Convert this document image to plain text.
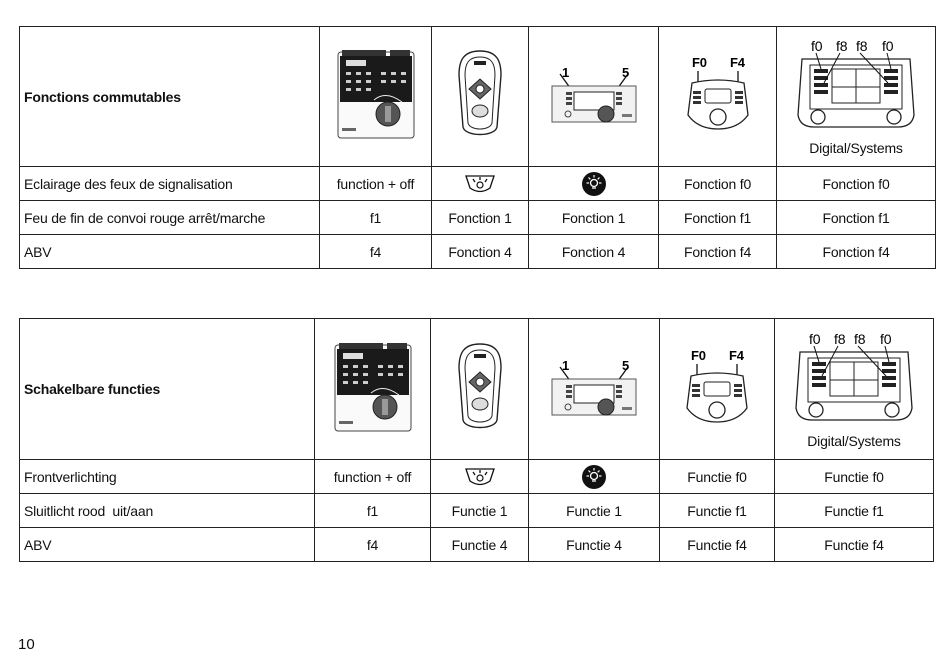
Fonctions commutables			1 5	F0 F4	f0 f8 f8 f0
Digital/Systems

Eclairage des feux de signalisation	function + off			Fonction f0	Fonction f0
Feu de fin de convoi rouge arrêt/marche	f1	Fonction 1	Fonction 1	Fonction f1	Fonction f1
ABV	f4	Fonction 4	Fonction 4	Fonction f4	Fonction f4
Schakelbare functies			1 5	F0 F4	f0 f8 f8 f0
Digital/Systems

Frontverlichting	function + off			Functie f0	Functie f0
Sluitlicht rood  uit/aan	f1	Functie 1	Functie 1	Functie f1	Functie f1
ABV	f4	Functie 4	Functie 4	Functie f4	Functie f4
10
